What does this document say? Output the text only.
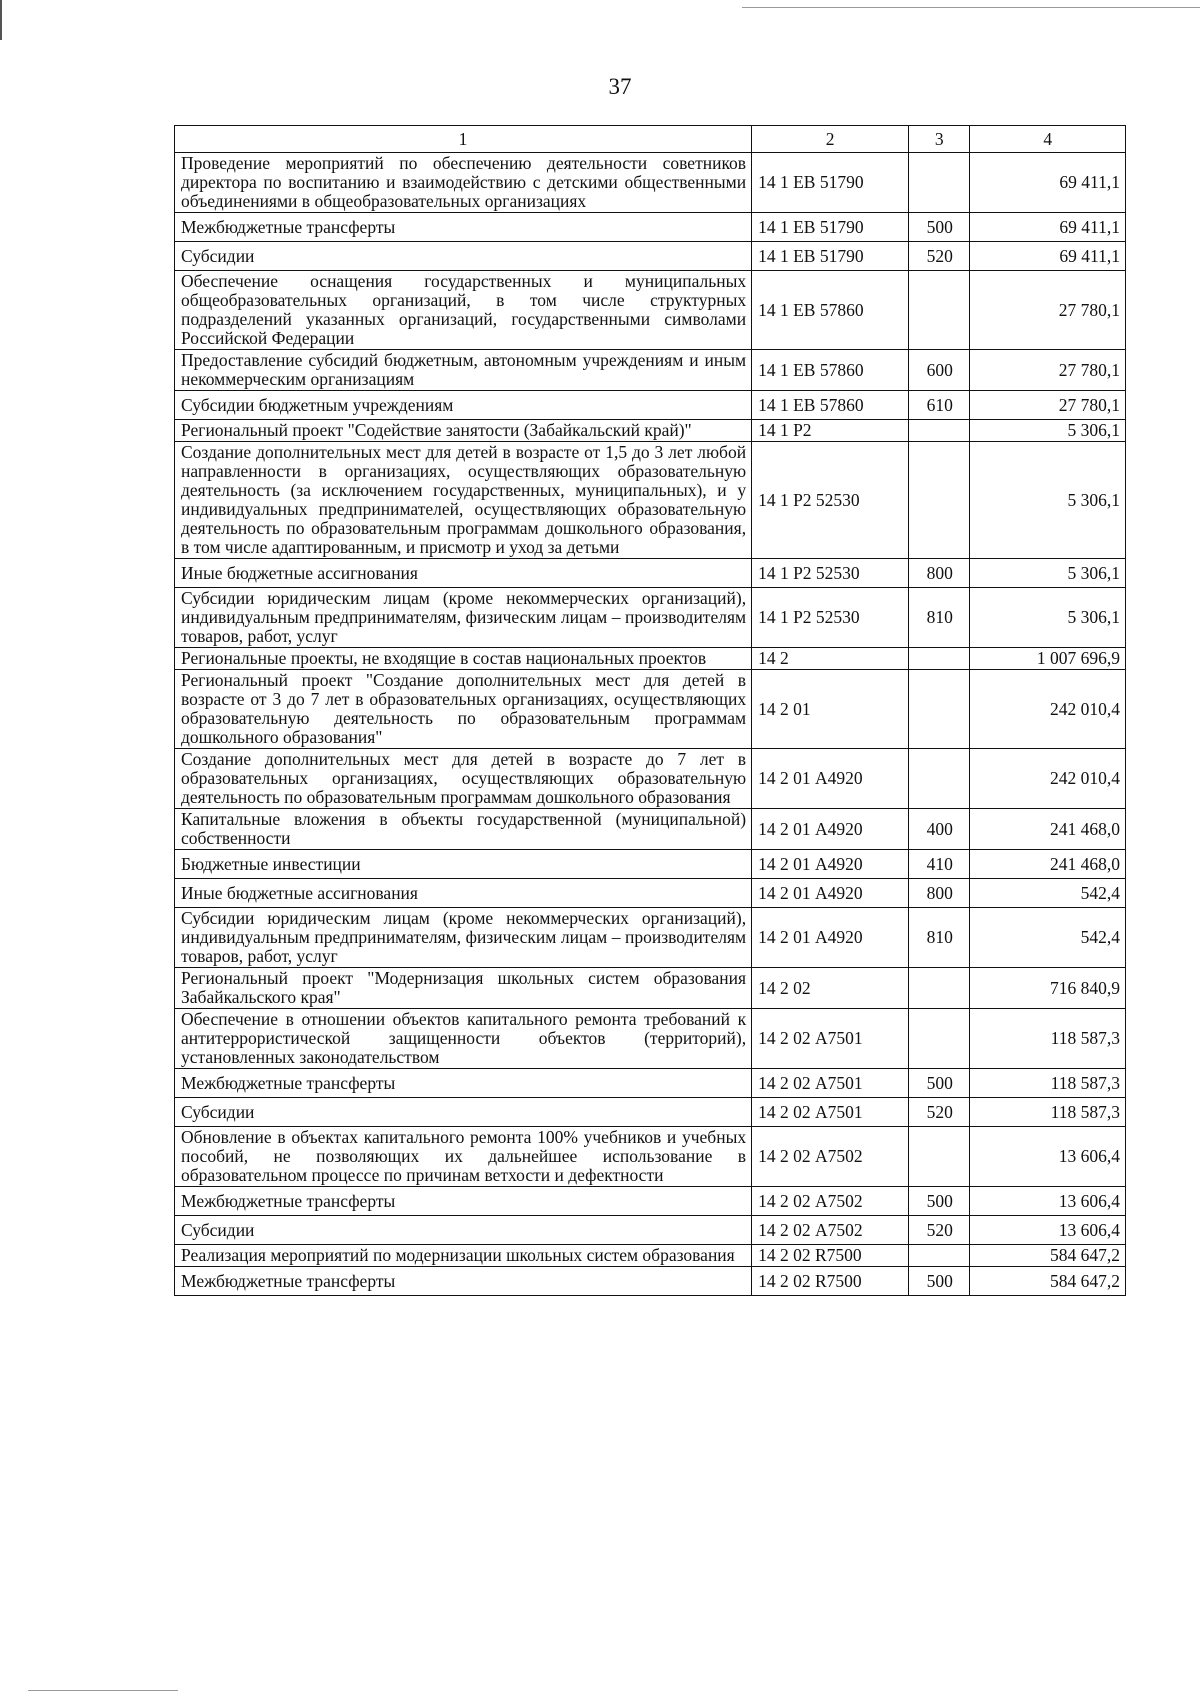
37
1	2	3	4
Проведение мероприятий по обеспечению деятельности советников директора по воспитанию и взаимодействию с детскими общественными объединениями в общеобразовательных организациях	14 1 ЕВ 51790		69 411,1
Межбюджетные трансферты	14 1 ЕВ 51790	500	69 411,1
Субсидии	14 1 ЕВ 51790	520	69 411,1
Обеспечение оснащения государственных и муниципальных общеобразовательных организаций, в том числе структурных подразделений указанных организаций, государственными символами Российской Федерации	14 1 ЕВ 57860		27 780,1
Предоставление субсидий бюджетным, автономным учреждениям и иным некоммерческим организациям	14 1 ЕВ 57860	600	27 780,1
Субсидии бюджетным учреждениям	14 1 ЕВ 57860	610	27 780,1
Региональный проект "Содействие занятости (Забайкальский край)"	14 1 Р2		5 306,1
Создание дополнительных мест для детей в возрасте от 1,5 до 3 лет любой направленности в организациях, осуществляющих образовательную деятельность (за исключением государственных, муниципальных), и у индивидуальных предпринимателей, осуществляющих образовательную деятельность по образовательным программам дошкольного образования, в том числе адаптированным, и присмотр и уход за детьми	14 1 Р2 52530		5 306,1
Иные бюджетные ассигнования	14 1 Р2 52530	800	5 306,1
Субсидии юридическим лицам (кроме некоммерческих организаций), индивидуальным предпринимателям, физическим лицам – производителям товаров, работ, услуг	14 1 Р2 52530	810	5 306,1
Региональные проекты, не входящие в состав национальных проектов	14 2		1 007 696,9
Региональный проект "Создание дополнительных мест для детей в возрасте от 3 до 7 лет в образовательных организациях, осуществляющих образовательную деятельность по образовательным программам дошкольного образования"	14 2 01		242 010,4
Создание дополнительных мест для детей в возрасте до 7 лет в образовательных организациях, осуществляющих образовательную деятельность по образовательным программам дошкольного образования	14 2 01 А4920		242 010,4
Капитальные вложения в объекты государственной (муниципальной) собственности	14 2 01 А4920	400	241 468,0
Бюджетные инвестиции	14 2 01 А4920	410	241 468,0
Иные бюджетные ассигнования	14 2 01 А4920	800	542,4
Субсидии юридическим лицам (кроме некоммерческих организаций), индивидуальным предпринимателям, физическим лицам – производителям товаров, работ, услуг	14 2 01 А4920	810	542,4
Региональный проект "Модернизация школьных систем образования Забайкальского края"	14 2 02		716 840,9
Обеспечение в отношении объектов капитального ремонта требований к антитеррористической защищенности объектов (территорий), установленных законодательством	14 2 02 А7501		118 587,3
Межбюджетные трансферты	14 2 02 А7501	500	118 587,3
Субсидии	14 2 02 А7501	520	118 587,3
Обновление в объектах капитального ремонта 100% учебников и учебных пособий, не позволяющих их дальнейшее использование в образовательном процессе по причинам ветхости и дефектности	14 2 02 А7502		13 606,4
Межбюджетные трансферты	14 2 02 А7502	500	13 606,4
Субсидии	14 2 02 А7502	520	13 606,4
Реализация мероприятий по модернизации школьных систем образования	14 2 02 R7500		584 647,2
Межбюджетные трансферты	14 2 02 R7500	500	584 647,2
